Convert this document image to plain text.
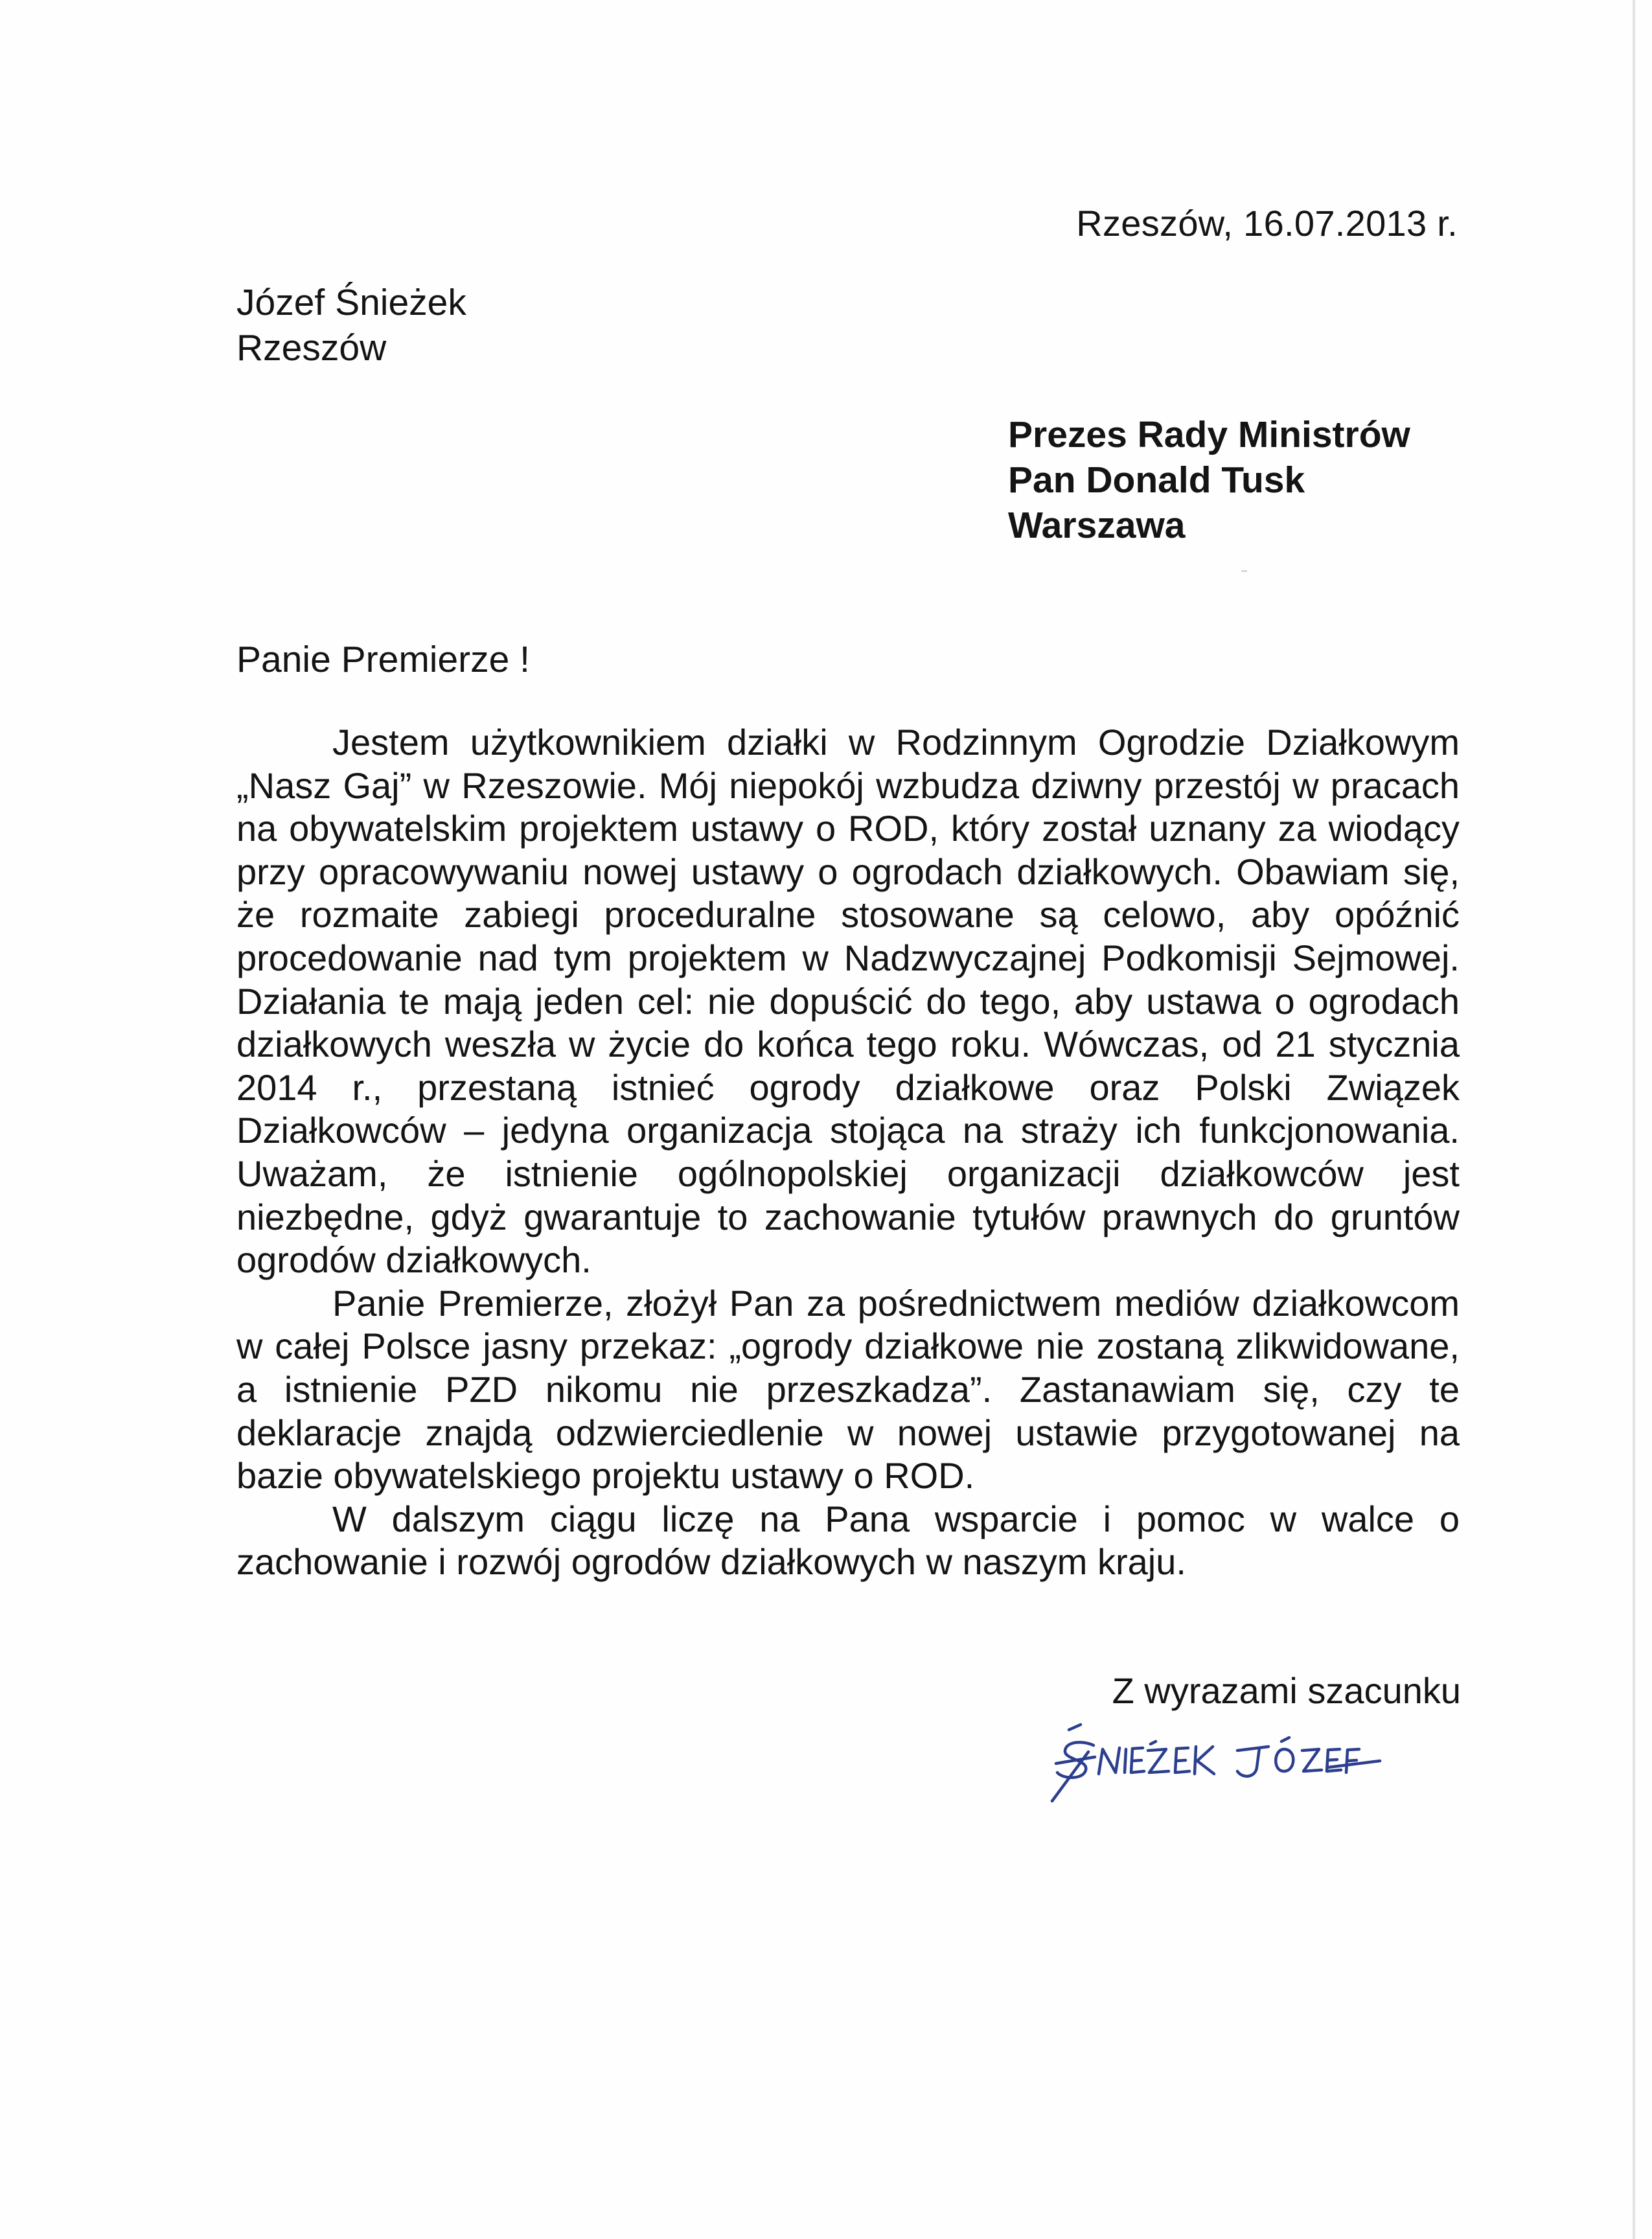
Rzeszów, 16.07.2013 r.
Józef Śnieżek
Rzeszów
Prezes Rady Ministrów
Pan Donald Tusk
Warszawa
Panie Premierze !

Jestem użytkownikiem działki w Rodzinnym Ogrodzie Działkowym „Nasz Gaj” w Rzeszowie. Mój niepokój wzbudza dziwny przestój w pracach na obywatelskim projektem ustawy o ROD, który został uznany za wiodący przy opracowywaniu nowej ustawy o ogrodach działkowych. Obawiam się, że rozmaite zabiegi proceduralne stosowane są celowo, aby opóźnić procedowanie nad tym projektem w Nadzwyczajnej Podkomisji Sejmowej. Działania te mają jeden cel: nie dopuścić do tego, aby ustawa o ogrodach działkowych weszła w życie do końca tego roku. Wówczas, od 21 stycznia 2014 r., przestaną istnieć ogrody działkowe oraz Polski Związek Działkowców – jedyna organizacja stojąca na straży ich funkcjonowania. Uważam, że istnienie ogólnopolskiej organizacji działkowców jest niezbędne, gdyż gwarantuje to zachowanie tytułów prawnych do gruntów ogrodów działkowych.

Panie Premierze, złożył Pan za pośrednictwem mediów działkowcom w całej Polsce jasny przekaz: „ogrody działkowe nie zostaną zlikwidowane, a istnienie PZD nikomu nie przeszkadza”. Zastanawiam się, czy te deklaracje znajdą odzwierciedlenie w nowej ustawie przygotowanej na bazie obywatelskiego projektu ustawy o ROD.

W dalszym ciągu liczę na Pana wsparcie i pomoc w walce o zachowanie i rozwój ogrodów działkowych w naszym kraju.

Z wyrazami szacunku
